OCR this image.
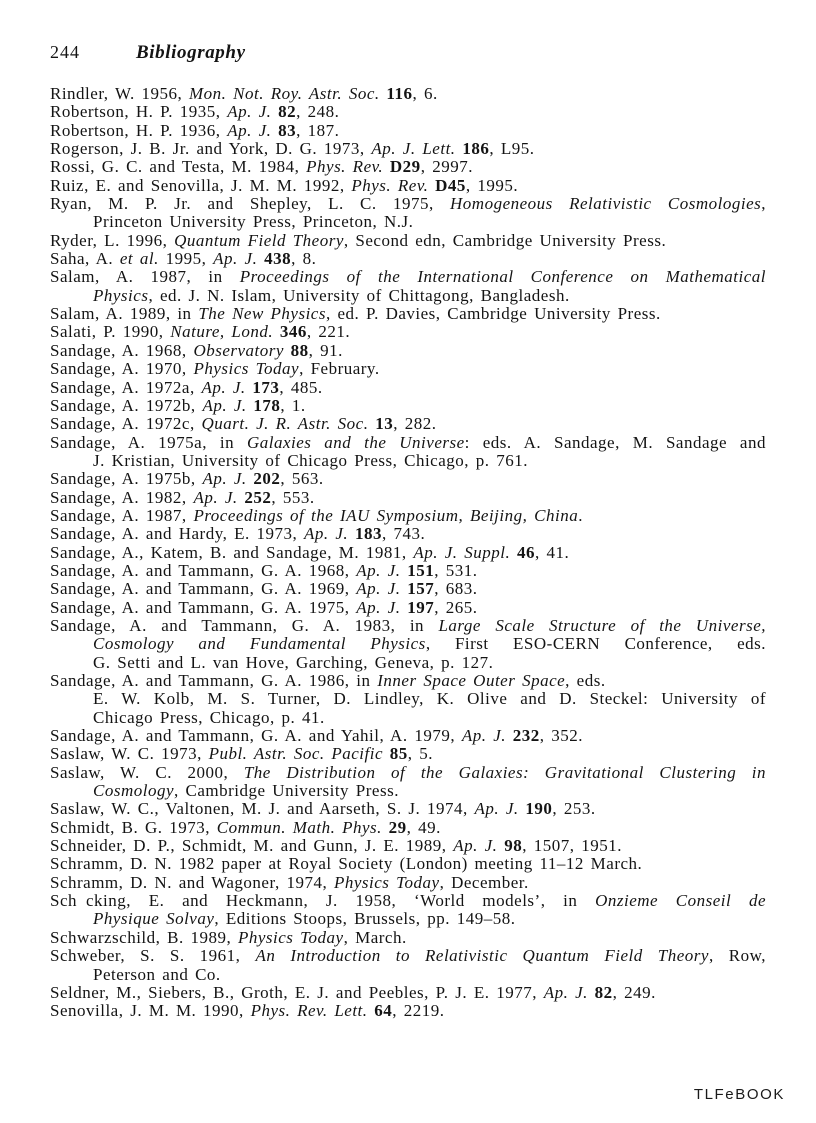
244	Bibliography
Rindler, W. 1956, Mon. Not. Roy. Astr. Soc. 116, 6.
Robertson, H. P. 1935, Ap. J. 82, 248.
Robertson, H. P. 1936, Ap. J. 83, 187.
Rogerson, J. B. Jr. and York, D. G. 1973, Ap. J. Lett. 186, L95.
Rossi, G. C. and Testa, M. 1984, Phys. Rev. D29, 2997.
Ruiz, E. and Senovilla, J. M. M. 1992, Phys. Rev. D45, 1995.
Ryan, M. P. Jr. and Shepley, L. C. 1975, Homogeneous Relativistic Cosmologies,
Princeton University Press, Princeton, N.J.
Ryder, L. 1996, Quantum Field Theory, Second edn, Cambridge University Press.
Saha, A. et al. 1995, Ap. J. 438, 8.
Salam, A. 1987, in Proceedings of the International Conference on Mathematical
Physics, ed. J. N. Islam, University of Chittagong, Bangladesh.
Salam, A. 1989, in The New Physics, ed. P. Davies, Cambridge University Press.
Salati, P. 1990, Nature, Lond. 346, 221.
Sandage, A. 1968, Observatory 88, 91.
Sandage, A. 1970, Physics Today, February.
Sandage, A. 1972a, Ap. J. 173, 485.
Sandage, A. 1972b, Ap. J. 178, 1.
Sandage, A. 1972c, Quart. J. R. Astr. Soc. 13, 282.
Sandage, A. 1975a, in Galaxies and the Universe: eds. A. Sandage, M. Sandage and
J. Kristian, University of Chicago Press, Chicago, p. 761.
Sandage, A. 1975b, Ap. J. 202, 563.
Sandage, A. 1982, Ap. J. 252, 553.
Sandage, A. 1987, Proceedings of the IAU Symposium, Beijing, China.
Sandage, A. and Hardy, E. 1973, Ap. J. 183, 743.
Sandage, A., Katem, B. and Sandage, M. 1981, Ap. J. Suppl. 46, 41.
Sandage, A. and Tammann, G. A. 1968, Ap. J. 151, 531.
Sandage, A. and Tammann, G. A. 1969, Ap. J. 157, 683.
Sandage, A. and Tammann, G. A. 1975, Ap. J. 197, 265.
Sandage, A. and Tammann, G. A. 1983, in Large Scale Structure of the Universe,
Cosmology and Fundamental Physics, First ESO-CERN Conference, eds.
G. Setti and L. van Hove, Garching, Geneva, p. 127.
Sandage, A. and Tammann, G. A. 1986, in Inner Space Outer Space, eds.
E. W. Kolb, M. S. Turner, D. Lindley, K. Olive and D. Steckel: University of
Chicago Press, Chicago, p. 41.
Sandage, A. and Tammann, G. A. and Yahil, A. 1979, Ap. J. 232, 352.
Saslaw, W. C. 1973, Publ. Astr. Soc. Pacific 85, 5.
Saslaw, W. C. 2000, The Distribution of the Galaxies: Gravitational Clustering in
Cosmology, Cambridge University Press.
Saslaw, W. C., Valtonen, M. J. and Aarseth, S. J. 1974, Ap. J. 190, 253.
Schmidt, B. G. 1973, Commun. Math. Phys. 29, 49.
Schneider, D. P., Schmidt, M. and Gunn, J. E. 1989, Ap. J. 98, 1507, 1951.
Schramm, D. N. 1982 paper at Royal Society (London) meeting 11–12 March.
Schramm, D. N. and Wagoner, 1974, Physics Today, December.
Sch cking, E. and Heckmann, J. 1958, ‘World models’, in Onzieme Conseil de
Physique Solvay, Editions Stoops, Brussels, pp. 149–58.
Schwarzschild, B. 1989, Physics Today, March.
Schweber, S. S. 1961, An Introduction to Relativistic Quantum Field Theory, Row,
Peterson and Co.
Seldner, M., Siebers, B., Groth, E. J. and Peebles, P. J. E. 1977, Ap. J. 82, 249.
Senovilla, J. M. M. 1990, Phys. Rev. Lett. 64, 2219.
TLFeBOOK
